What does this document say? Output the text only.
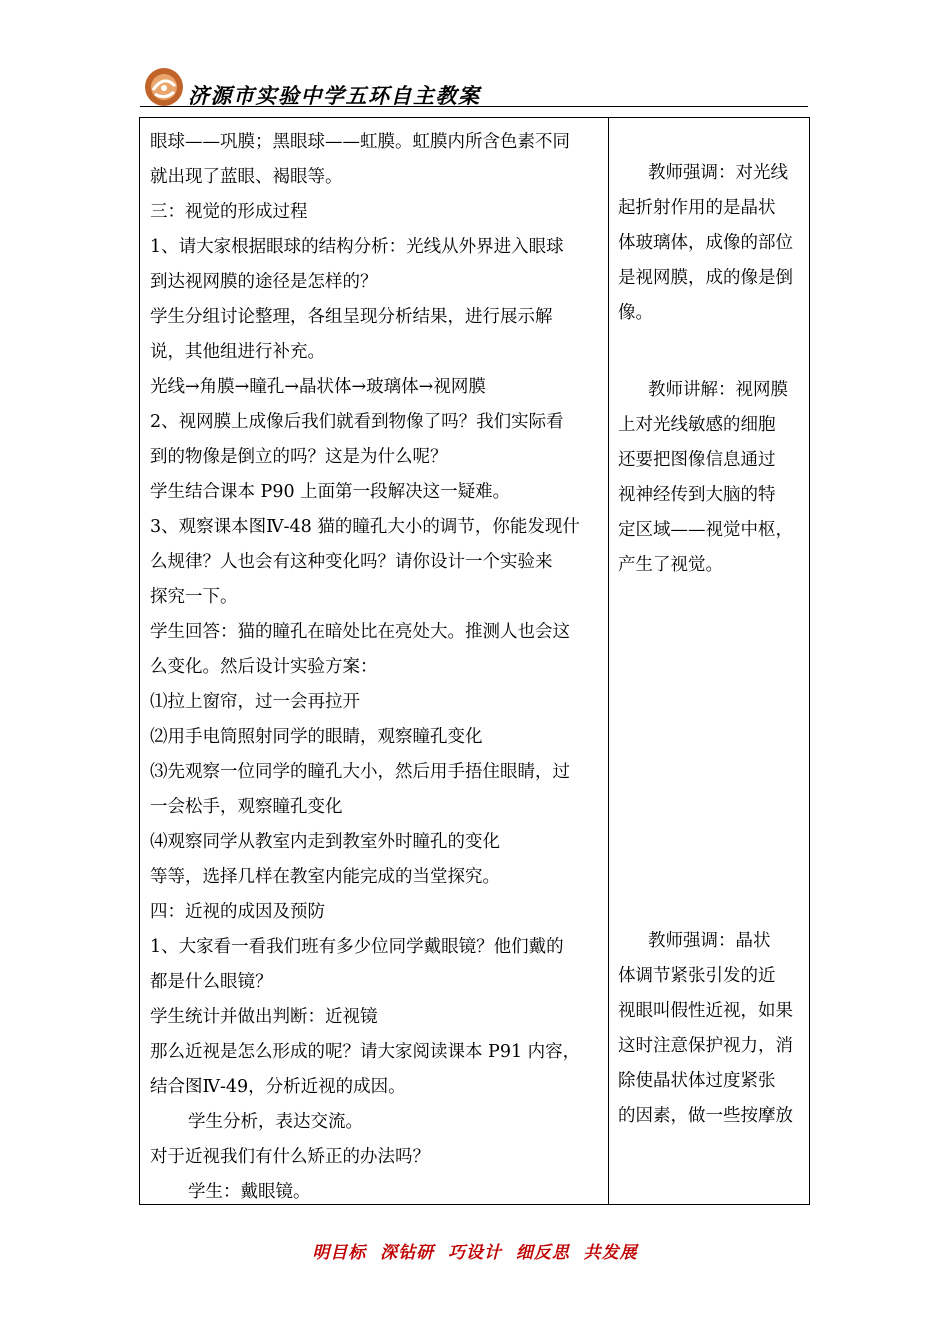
济源市实验中学五环自主教案
眼球——巩膜；黑眼球——虹膜。虹膜内所含色素不同
就出现了蓝眼、褐眼等。
三：视觉的形成过程
1、请大家根据眼球的结构分析：光线从外界进入眼球
到达视网膜的途径是怎样的？
学生分组讨论整理，各组呈现分析结果，进行展示解
说，其他组进行补充。
光线→角膜→瞳孔→晶状体→玻璃体→视网膜
2、视网膜上成像后我们就看到物像了吗？我们实际看
到的物像是倒立的吗？这是为什么呢？
学生结合课本 P90 上面第一段解决这一疑难。
3、观察课本图Ⅳ-48 猫的瞳孔大小的调节，你能发现什
么规律？人也会有这种变化吗？请你设计一个实验来
探究一下。
学生回答：猫的瞳孔在暗处比在亮处大。推测人也会这
么变化。然后设计实验方案：
⑴拉上窗帘，过一会再拉开
⑵用手电筒照射同学的眼睛，观察瞳孔变化
⑶先观察一位同学的瞳孔大小，然后用手捂住眼睛，过
一会松手，观察瞳孔变化
⑷观察同学从教室内走到教室外时瞳孔的变化
等等，选择几样在教室内能完成的当堂探究。
四：近视的成因及预防
1、大家看一看我们班有多少位同学戴眼镜？他们戴的
都是什么眼镜？
学生统计并做出判断：近视镜
那么近视是怎么形成的呢？请大家阅读课本 P91 内容，
结合图Ⅳ-49，分析近视的成因。
学生分析，表达交流。
对于近视我们有什么矫正的办法吗？
学生：戴眼镜。
教师强调：对光线
起折射作用的是晶状
体玻璃体，成像的部位
是视网膜，成的像是倒
像。
教师讲解：视网膜
上对光线敏感的细胞
还要把图像信息通过
视神经传到大脑的特
定区域——视觉中枢，
产生了视觉。
教师强调：晶状
体调节紧张引发的近
视眼叫假性近视，如果
这时注意保护视力，消
除使晶状体过度紧张
的因素，做一些按摩放
明目标  深钻研  巧设计  细反思  共发展
